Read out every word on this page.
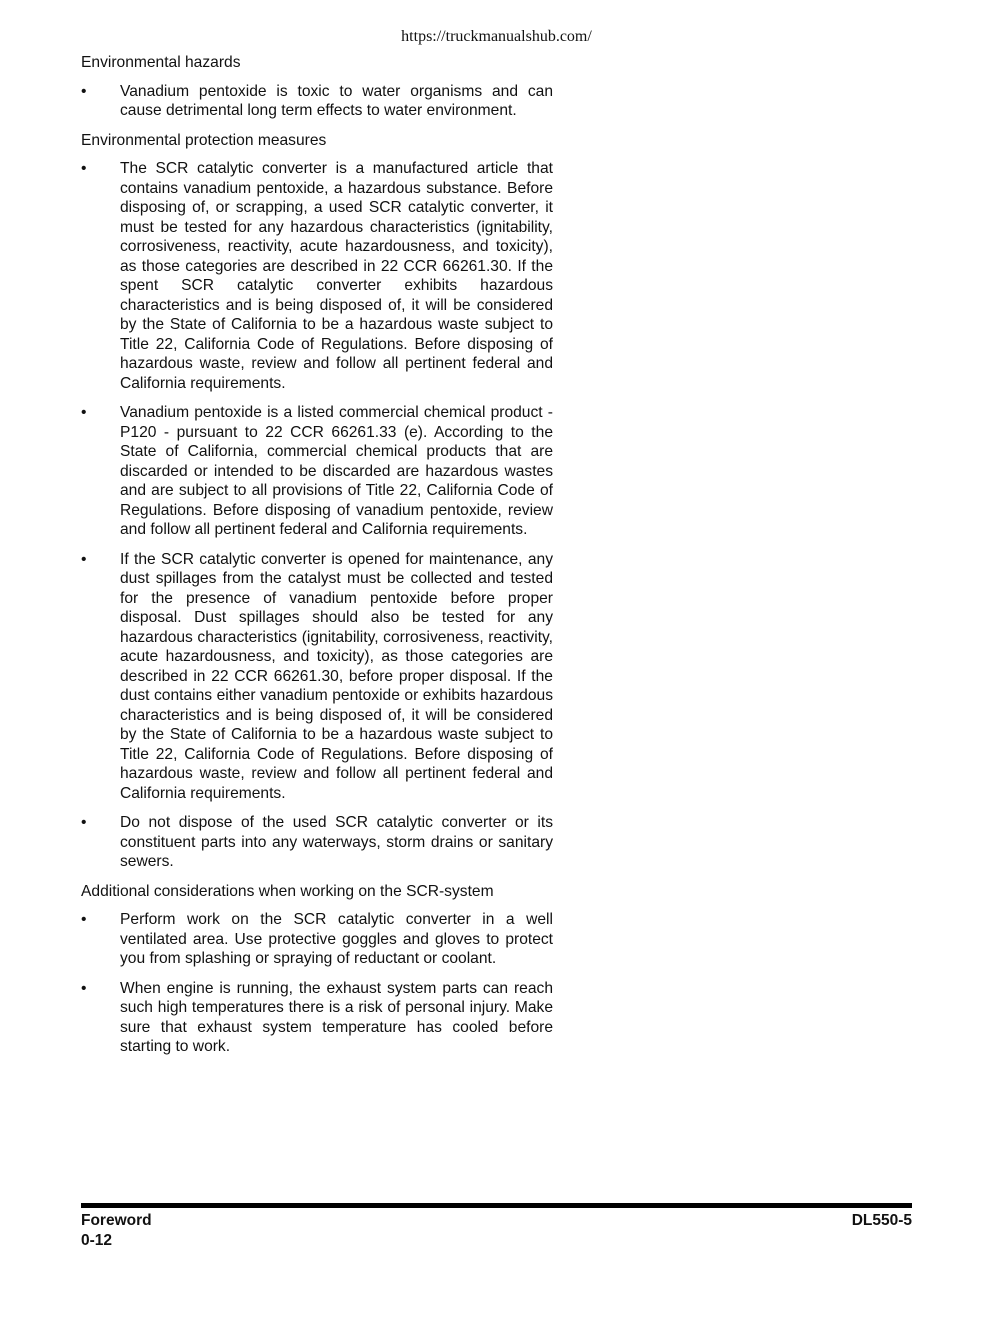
https://truckmanualshub.com/
Environmental hazards
• Vanadium pentoxide is toxic to water organisms and can cause detrimental long term effects to water environment.
Environmental protection measures
• The SCR catalytic converter is a manufactured article that contains vanadium pentoxide, a hazardous substance. Before disposing of, or scrapping, a used SCR catalytic converter, it must be tested for any hazardous characteristics (ignitability, corrosiveness, reactivity, acute hazardousness, and toxicity), as those categories are described in 22 CCR 66261.30. If the spent SCR catalytic converter exhibits hazardous characteristics and is being disposed of, it will be considered by the State of California to be a hazardous waste subject to Title 22, California Code of Regulations. Before disposing of hazardous waste, review and follow all pertinent federal and California requirements.
• Vanadium pentoxide is a listed commercial chemical product - P120 - pursuant to 22 CCR 66261.33 (e). According to the State of California, commercial chemical products that are discarded or intended to be discarded are hazardous wastes and are subject to all provisions of Title 22, California Code of Regulations. Before disposing of vanadium pentoxide, review and follow all pertinent federal and California requirements.
• If the SCR catalytic converter is opened for maintenance, any dust spillages from the catalyst must be collected and tested for the presence of vanadium pentoxide before proper disposal. Dust spillages should also be tested for any hazardous characteristics (ignitability, corrosiveness, reactivity, acute hazardousness, and toxicity), as those categories are described in 22 CCR 66261.30, before proper disposal. If the dust contains either vanadium pentoxide or exhibits hazardous characteristics and is being disposed of, it will be considered by the State of California to be a hazardous waste subject to Title 22, California Code of Regulations. Before disposing of hazardous waste, review and follow all pertinent federal and California requirements.
• Do not dispose of the used SCR catalytic converter or its constituent parts into any waterways, storm drains or sanitary sewers.
Additional considerations when working on the SCR-system
• Perform work on the SCR catalytic converter in a well ventilated area. Use protective goggles and gloves to protect you from splashing or spraying of reductant or coolant.
• When engine is running, the exhaust system parts can reach such high temperatures there is a risk of personal injury. Make sure that exhaust system temperature has cooled before starting to work.
Foreword
0-12
DL550-5
